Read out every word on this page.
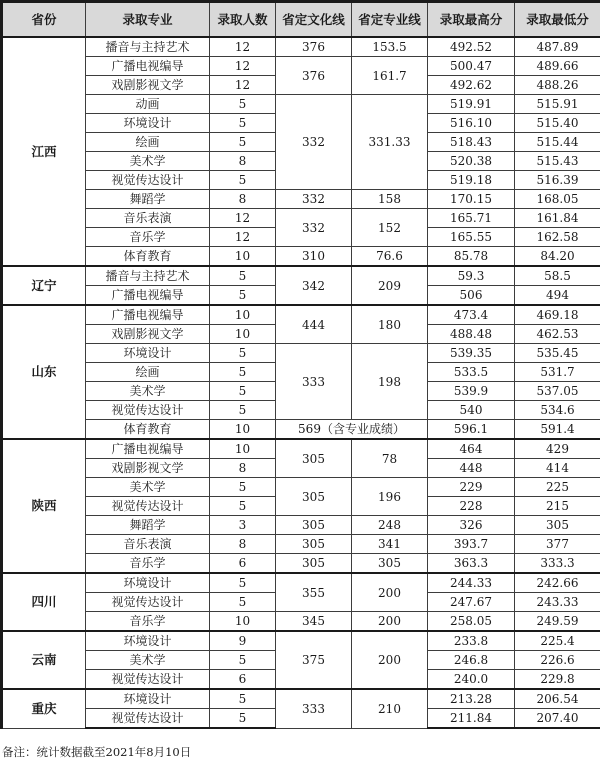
省份	录取专业	录取人数	省定文化线	省定专业线	录取最高分	录取最低分
江西	播音与主持艺术	12	376	153.5	492.52	487.89
	广播电视编导	12	376	161.7	500.47	489.66
	戏剧影视文学	12			492.62	488.26
	动画	5	332	331.33	519.91	515.91
	环境设计	5			516.10	515.40
	绘画	5			518.43	515.44
	美术学	8			520.38	515.43
	视觉传达设计	5			519.18	516.39
	舞蹈学	8	332	158	170.15	168.05
	音乐表演	12	332	152	165.71	161.84
	音乐学	12			165.55	162.58
	体育教育	10	310	76.6	85.78	84.20
辽宁	播音与主持艺术	5	342	209	59.3	58.5
	广播电视编导	5			506	494
山东	广播电视编导	10	444	180	473.4	469.18
	戏剧影视文学	10			488.48	462.53
	环境设计	5	333	198	539.35	535.45
	绘画	5			533.5	531.7
	美术学	5			539.9	537.05
	视觉传达设计	5			540	534.6
	体育教育	10	569（含专业成绩）		596.1	591.4
陕西	广播电视编导	10	305	78	464	429
	戏剧影视文学	8			448	414
	美术学	5	305	196	229	225
	视觉传达设计	5			228	215
	舞蹈学	3	305	248	326	305
	音乐表演	8	305	341	393.7	377
	音乐学	6	305	305	363.3	333.3
四川	环境设计	5	355	200	244.33	242.66
	视觉传达设计	5			247.67	243.33
	音乐学	10	345	200	258.05	249.59
云南	环境设计	9	375	200	233.8	225.4
	美术学	5			246.8	226.6
	视觉传达设计	6			240.0	229.8
重庆	环境设计	5	333	210	213.28	206.54
	视觉传达设计	5			211.84	207.40
备注：统计数据截至2021年8月10日
